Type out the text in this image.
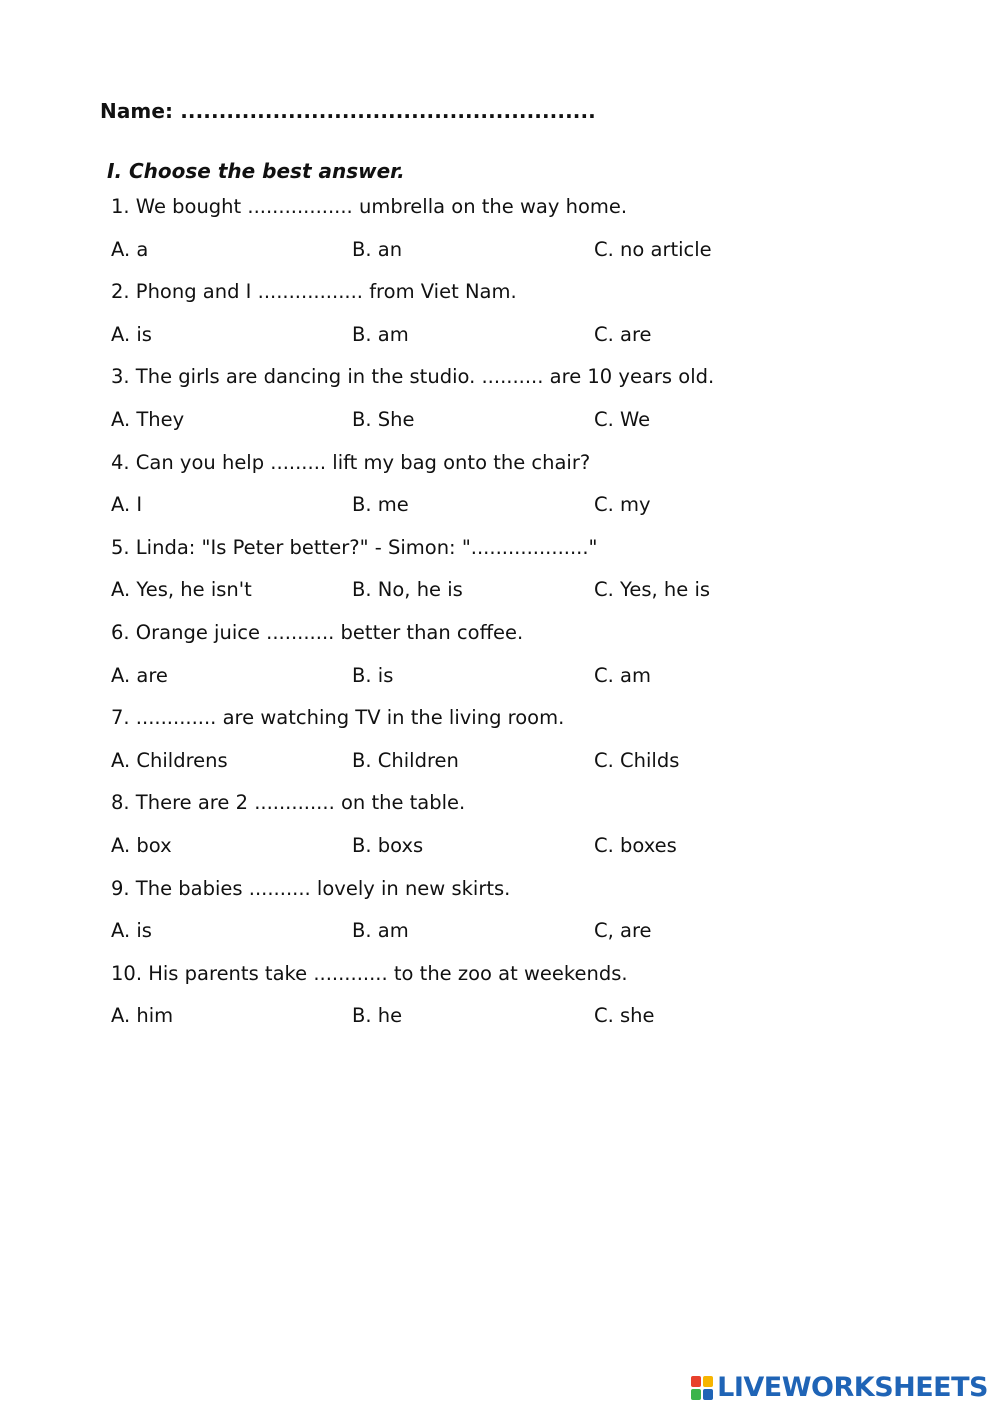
Name: ......................................................
I. Choose the best answer.
1. We bought ................. umbrella on the way home.
A. a	B. an	C. no article
2. Phong and I ................. from Viet Nam.
A. is	B. am	C. are
3. The girls are dancing in the studio. .......... are 10 years old.
A. They	B. She	C. We
4. Can you help ......... lift my bag onto the chair?
A. I	B. me	C. my
5. Linda: "Is Peter better?" - Simon: "..................."
A. Yes, he isn't	B. No, he is	C. Yes, he is
6. Orange juice ........... better than coffee.
A. are	B. is	C. am
7. ............. are watching TV in the living room.
A. Childrens	B. Children	C. Childs
8. There are 2 ............. on the table.
A. box	B. boxs	C. boxes
9. The babies .......... lovely in new skirts.
A. is	B. am	C, are
10. His parents take ............ to the zoo at weekends.
A. him	B. he	C. she
LIVEWORKSHEETS
